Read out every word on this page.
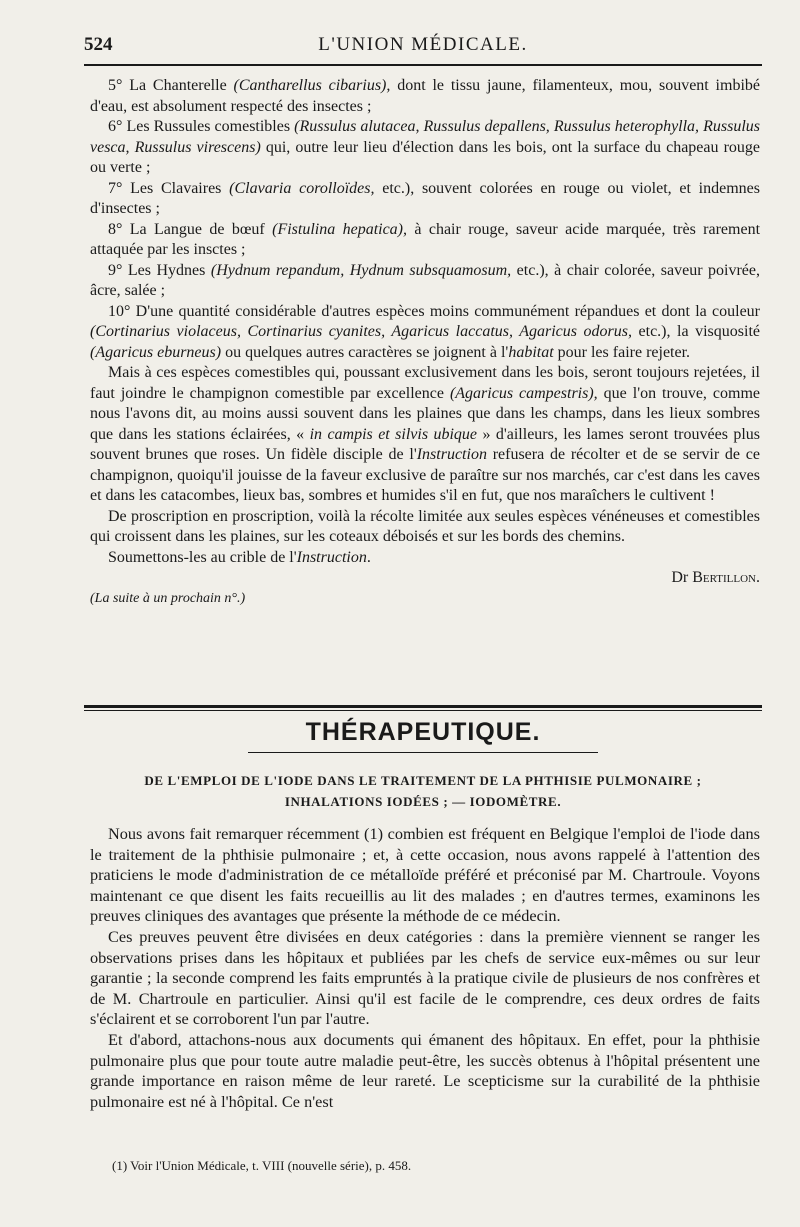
524	L'UNION MÉDICALE.

5° La Chanterelle (Cantharellus cibarius), dont le tissu jaune, filamenteux, mou, souvent imbibé d'eau, est absolument respecté des insectes ;

6° Les Russules comestibles (Russulus alutacea, Russulus depallens, Russulus heterophylla, Russulus vesca, Russulus virescens) qui, outre leur lieu d'élection dans les bois, ont la surface du chapeau rouge ou verte ;

7° Les Clavaires (Clavaria corolloïdes, etc.), souvent colorées en rouge ou violet, et indemnes d'insectes ;

8° La Langue de bœuf (Fistulina hepatica), à chair rouge, saveur acide marquée, très rarement attaquée par les insctes ;

9° Les Hydnes (Hydnum repandum, Hydnum subsquamosum, etc.), à chair colorée, saveur poivrée, âcre, salée ;

10° D'une quantité considérable d'autres espèces moins communément répandues et dont la couleur (Cortinarius violaceus, Cortinarius cyanites, Agaricus laccatus, Agaricus odorus, etc.), la visquosité (Agaricus eburneus) ou quelques autres caractères se joignent à l'habitat pour les faire rejeter.

Mais à ces espèces comestibles qui, poussant exclusivement dans les bois, seront toujours rejetées, il faut joindre le champignon comestible par excellence (Agaricus campestris), que l'on trouve, comme nous l'avons dit, au moins aussi souvent dans les plaines que dans les champs, dans les lieux sombres que dans les stations éclairées, « in campis et silvis ubique » d'ailleurs, les lames seront trouvées plus souvent brunes que roses. Un fidèle disciple de l'Instruction refusera de récolter et de se servir de ce champignon, quoiqu'il jouisse de la faveur exclusive de paraître sur nos marchés, car c'est dans les caves et dans les catacombes, lieux bas, sombres et humides s'il en fut, que nos maraîchers le cultivent !

De proscription en proscription, voilà la récolte limitée aux seules espèces vénéneuses et comestibles qui croissent dans les plaines, sur les coteaux déboisés et sur les bords des chemins.

Soumettons-les au crible de l'Instruction.

Dr Bertillon.

(La suite à un prochain n°.)

THÉRAPEUTIQUE.
DE L'EMPLOI DE L'IODE DANS LE TRAITEMENT DE LA PHTHISIE PULMONAIRE ;
INHALATIONS IODÉES ; — IODOMÈTRE.

Nous avons fait remarquer récemment (1) combien est fréquent en Belgique l'emploi de l'iode dans le traitement de la phthisie pulmonaire ; et, à cette occasion, nous avons rappelé à l'attention des praticiens le mode d'administration de ce métalloïde préféré et préconisé par M. Chartroule. Voyons maintenant ce que disent les faits recueillis au lit des malades ; en d'autres termes, examinons les preuves cliniques des avantages que présente la méthode de ce médecin.

Ces preuves peuvent être divisées en deux catégories : dans la première viennent se ranger les observations prises dans les hôpitaux et publiées par les chefs de service eux-mêmes ou sur leur garantie ; la seconde comprend les faits empruntés à la pratique civile de plusieurs de nos confrères et de M. Chartroule en particulier. Ainsi qu'il est facile de le comprendre, ces deux ordres de faits s'éclairent et se corroborent l'un par l'autre.

Et d'abord, attachons-nous aux documents qui émanent des hôpitaux. En effet, pour la phthisie pulmonaire plus que pour toute autre maladie peut-être, les succès obtenus à l'hôpital présentent une grande importance en raison même de leur rareté. Le scepticisme sur la curabilité de la phthisie pulmonaire est né à l'hôpital. Ce n'est

(1) Voir l'Union Médicale, t. VIII (nouvelle série), p. 458.
